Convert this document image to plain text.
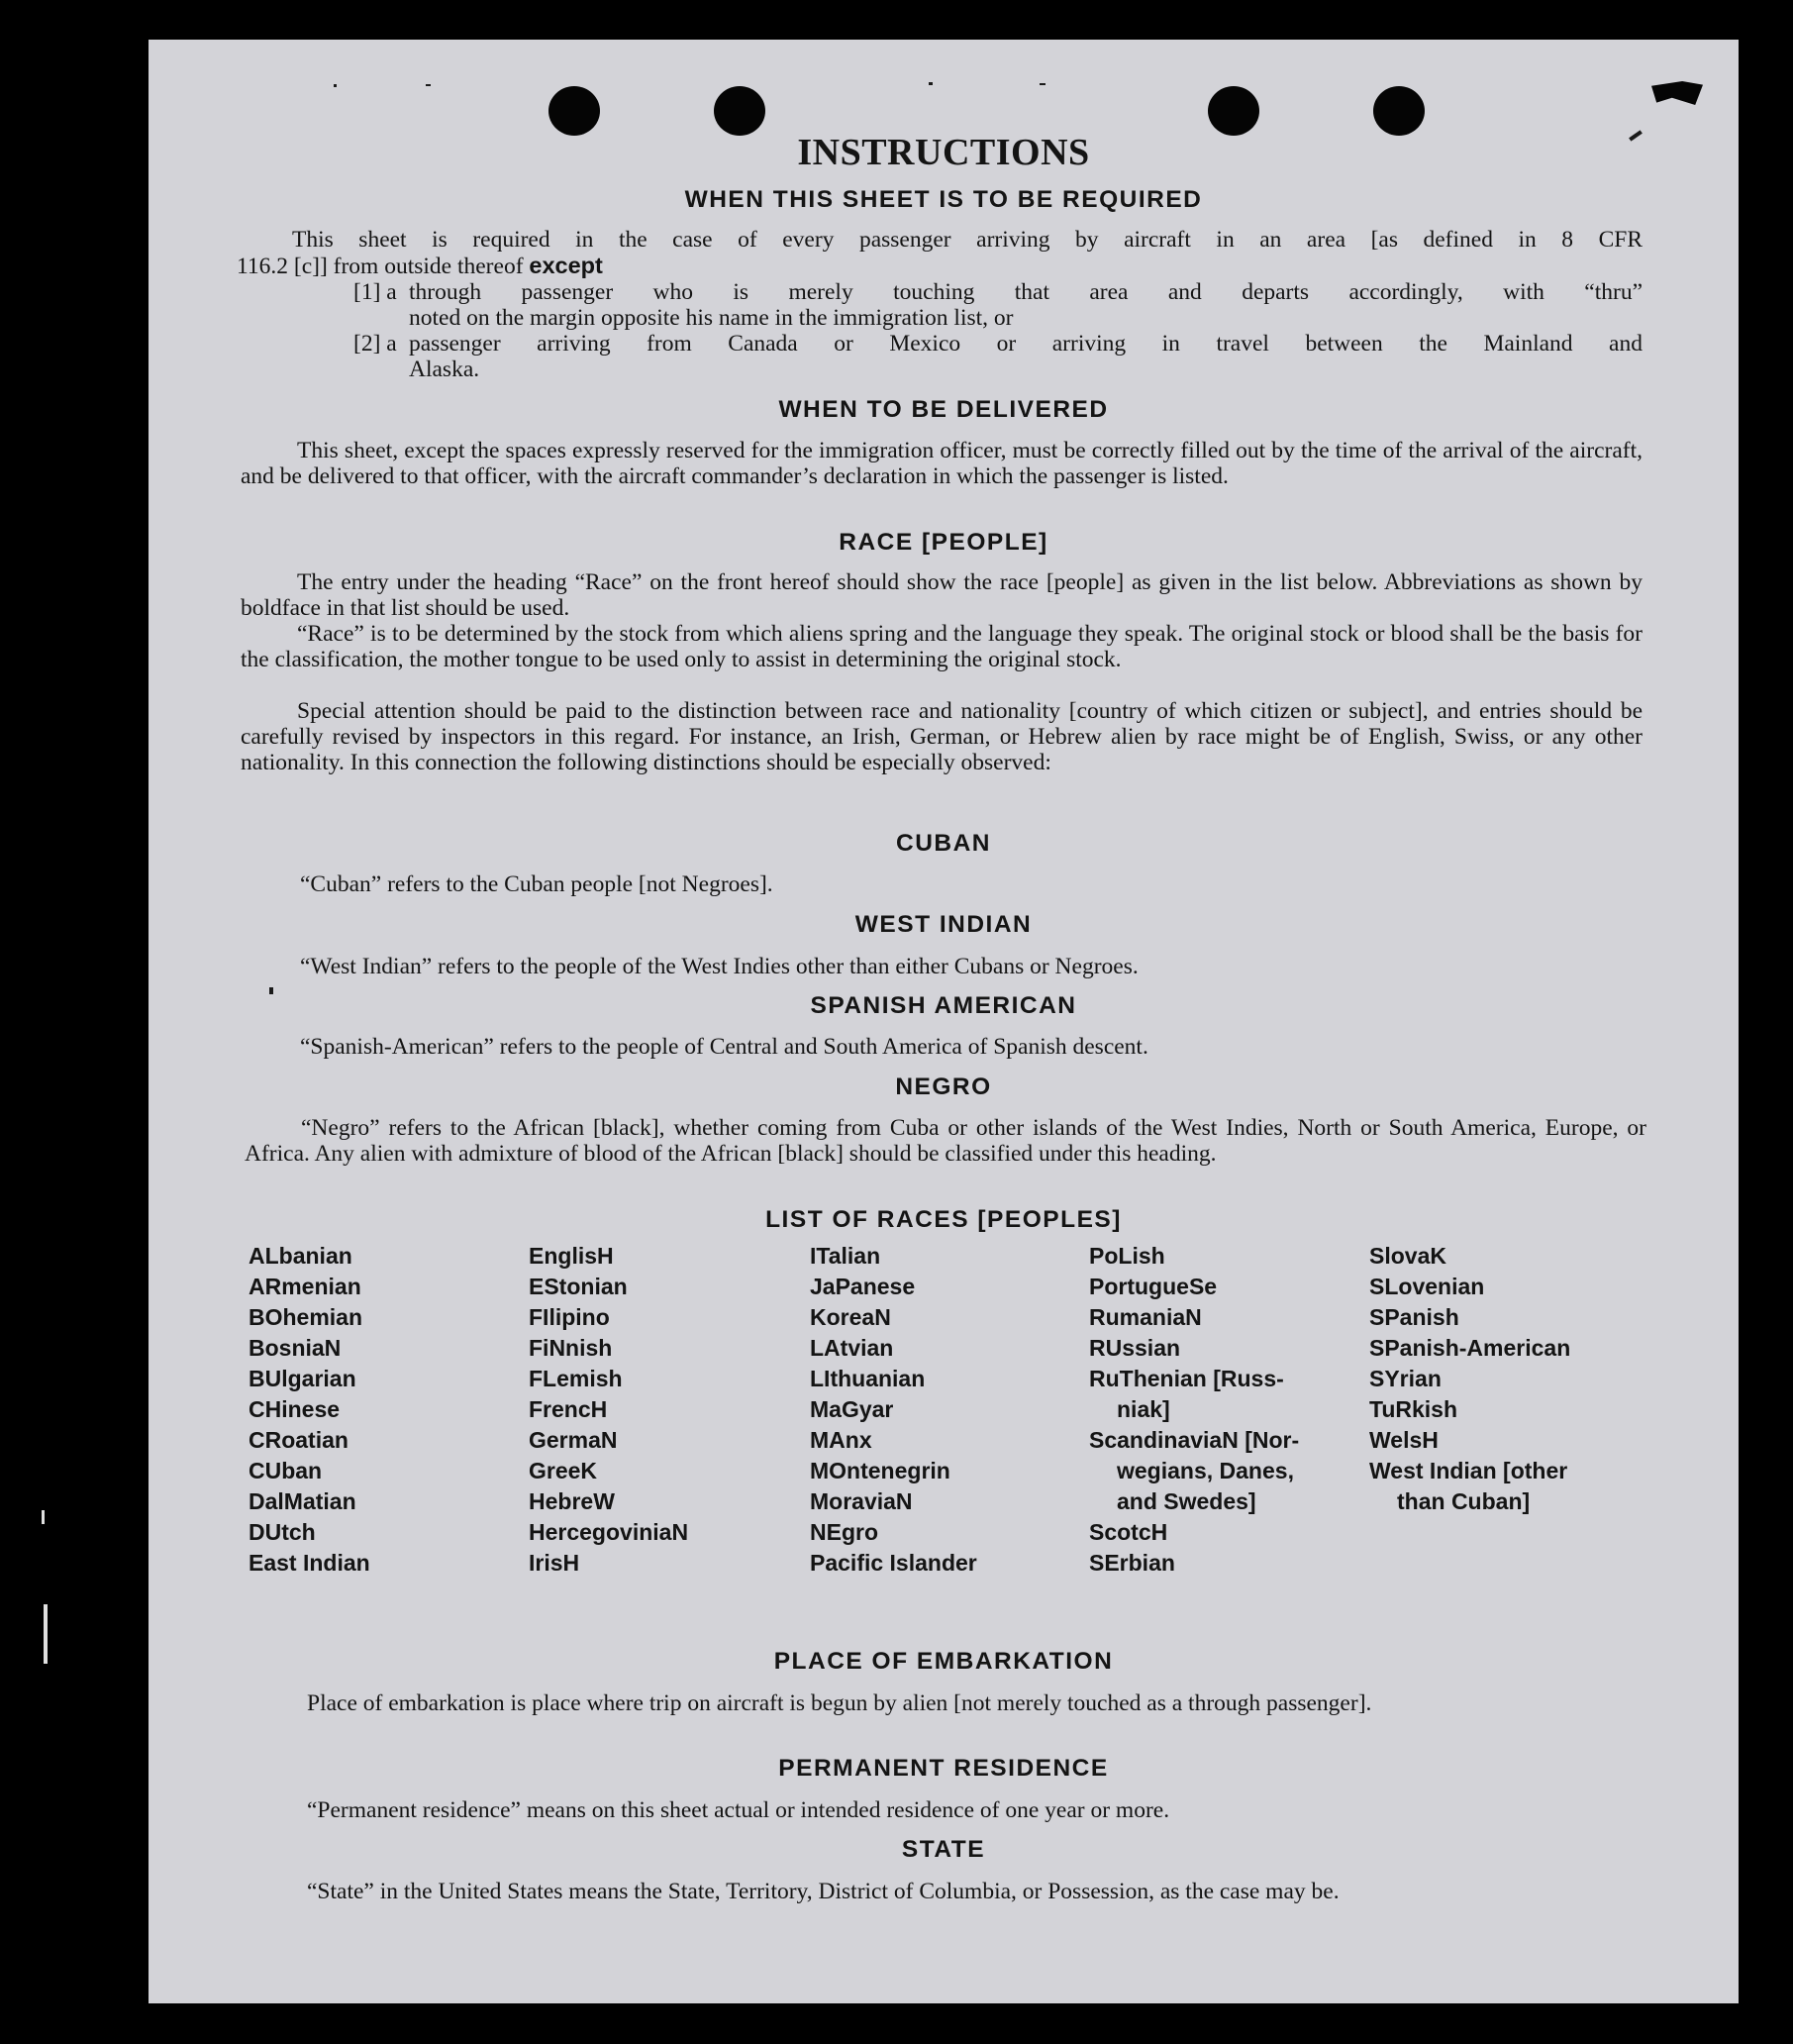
INSTRUCTIONS
WHEN THIS SHEET IS TO BE REQUIRED
This sheet is required in the case of every passenger arriving by aircraft in an area [as defined in 8 CFR
116.2 [c]] from outside thereof except
[1] a through passenger who is merely touching that area and departs accordingly, with “thru”
noted on the margin opposite his name in the immigration list, or
[2] a passenger arriving from Canada or Mexico or arriving in travel between the Mainland and
Alaska.
WHEN TO BE DELIVERED
This sheet, except the spaces expressly reserved for the immigration officer, must be correctly filled out by the time of the arrival of the aircraft, and be delivered to that officer, with the aircraft commander’s declaration in which the passenger is listed.
RACE [PEOPLE]
The entry under the heading “Race” on the front hereof should show the race [people] as given in the list below. Abbreviations as shown by boldface in that list should be used.
“Race” is to be determined by the stock from which aliens spring and the language they speak. The original stock or blood shall be the basis for the classification, the mother tongue to be used only to assist in determining the original stock.
Special attention should be paid to the distinction between race and nationality [country of which citizen or subject], and entries should be carefully revised by inspectors in this regard. For instance, an Irish, German, or Hebrew alien by race might be of English, Swiss, or any other nationality. In this connection the following distinctions should be especially observed:
CUBAN
“Cuban” refers to the Cuban people [not Negroes].
WEST INDIAN
“West Indian” refers to the people of the West Indies other than either Cubans or Negroes.
SPANISH AMERICAN
“Spanish-American” refers to the people of Central and South America of Spanish descent.
NEGRO
“Negro” refers to the African [black], whether coming from Cuba or other islands of the West Indies, North or South America, Europe, or Africa. Any alien with admixture of blood of the African [black] should be classified under this heading.
LIST OF RACES [PEOPLES]
ALbanian
ARmenian
BOhemian
BosniaN
BUlgarian
CHinese
CRoatian
CUban
DalMatian
DUtch
East Indian
EnglisH
EStonian
FIlipino
FiNnish
FLemish
FrencH
GermaN
GreeK
HebreW
HercegoviniaN
IrisH
ITalian
JaPanese
KoreaN
LAtvian
LIthuanian
MaGyar
MAnx
MOntenegrin
MoraviaN
NEgro
Pacific Islander
PoLish
PortugueSe
RumaniaN
RUssian
RuThenian [Russ-
niak]
ScandinaviaN [Nor-
wegians, Danes,
and Swedes]
ScotcH
SErbian
SlovaK
SLovenian
SPanish
SPanish-American
SYrian
TuRkish
WelsH
West Indian [other
than Cuban]
PLACE OF EMBARKATION
Place of embarkation is place where trip on aircraft is begun by alien [not merely touched as a through passenger].
PERMANENT RESIDENCE
“Permanent residence” means on this sheet actual or intended residence of one year or more.
STATE
“State” in the United States means the State, Territory, District of Columbia, or Possession, as the case may be.
